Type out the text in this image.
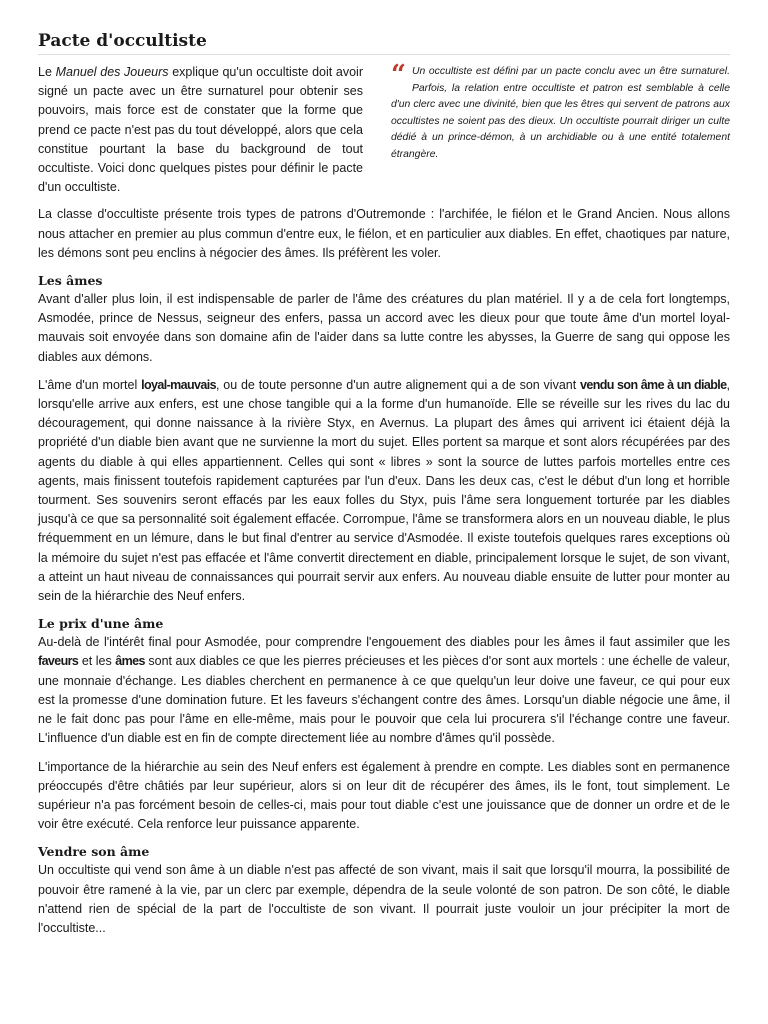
Pacte d'occultiste
Le Manuel des Joueurs explique qu'un occultiste doit avoir signé un pacte avec un être surnaturel pour obtenir ses pouvoirs, mais force est de constater que la forme que prend ce pacte n'est pas du tout développé, alors que cela constitue pourtant la base du background de tout occultiste. Voici donc quelques pistes pour définir le pacte d'un occultiste.
“ Un occultiste est défini par un pacte conclu avec un être surnaturel. Parfois, la relation entre occultiste et patron est semblable à celle d'un clerc avec une divinité, bien que les êtres qui servent de patrons aux occultistes ne soient pas des dieux. Un occultiste pourrait diriger un culte dédié à un prince-démon, à un archidiable ou à une entité totalement étrangère.

La classe d'occultiste présente trois types de patrons d'Outremonde : l'archifée, le fiélon et le Grand Ancien. Nous allons nous attacher en premier au plus commun d'entre eux, le fiélon, et en particulier aux diables. En effet, chaotiques par nature, les démons sont peu enclins à négocier des âmes. Ils préfèrent les voler.

Les âmes

Avant d'aller plus loin, il est indispensable de parler de l'âme des créatures du plan matériel. Il y a de cela fort longtemps, Asmodée, prince de Nessus, seigneur des enfers, passa un accord avec les dieux pour que toute âme d'un mortel loyal-mauvais soit envoyée dans son domaine afin de l'aider dans sa lutte contre les abysses, la Guerre de sang qui oppose les diables aux démons.

L'âme d'un mortel loyal-mauvais, ou de toute personne d'un autre alignement qui a de son vivant vendu son âme à un diable, lorsqu'elle arrive aux enfers, est une chose tangible qui a la forme d'un humanoïde. Elle se réveille sur les rives du lac du découragement, qui donne naissance à la rivière Styx, en Avernus. La plupart des âmes qui arrivent ici étaient déjà la propriété d'un diable bien avant que ne survienne la mort du sujet. Elles portent sa marque et sont alors récupérées par des agents du diable à qui elles appartiennent. Celles qui sont « libres » sont la source de luttes parfois mortelles entre ces agents, mais finissent toutefois rapidement capturées par l'un d'eux. Dans les deux cas, c'est le début d'un long et horrible tourment. Ses souvenirs seront effacés par les eaux folles du Styx, puis l'âme sera longuement torturée par les diables jusqu'à ce que sa personnalité soit également effacée. Corrompue, l'âme se transformera alors en un nouveau diable, le plus fréquemment en un lémure, dans le but final d'entrer au service d'Asmodée. Il existe toutefois quelques rares exceptions où la mémoire du sujet n'est pas effacée et l'âme convertit directement en diable, principalement lorsque le sujet, de son vivant, a atteint un haut niveau de connaissances qui pourrait servir aux enfers. Au nouveau diable ensuite de lutter pour monter au sein de la hiérarchie des Neuf enfers.

Le prix d'une âme

Au-delà de l'intérêt final pour Asmodée, pour comprendre l'engouement des diables pour les âmes il faut assimiler que les faveurs et les âmes sont aux diables ce que les pierres précieuses et les pièces d'or sont aux mortels : une échelle de valeur, une monnaie d'échange. Les diables cherchent en permanence à ce que quelqu'un leur doive une faveur, ce qui pour eux est la promesse d'une domination future. Et les faveurs s'échangent contre des âmes. Lorsqu'un diable négocie une âme, il ne le fait donc pas pour l'âme en elle-même, mais pour le pouvoir que cela lui procurera s'il l'échange contre une faveur. L'influence d'un diable est en fin de compte directement liée au nombre d'âmes qu'il possède.

L'importance de la hiérarchie au sein des Neuf enfers est également à prendre en compte. Les diables sont en permanence préoccupés d'être châtiés par leur supérieur, alors si on leur dit de récupérer des âmes, ils le font, tout simplement. Le supérieur n'a pas forcément besoin de celles-ci, mais pour tout diable c'est une jouissance que de donner un ordre et de le voir être exécuté. Cela renforce leur puissance apparente.

Vendre son âme

Un occultiste qui vend son âme à un diable n'est pas affecté de son vivant, mais il sait que lorsqu'il mourra, la possibilité de pouvoir être ramené à la vie, par un clerc par exemple, dépendra de la seule volonté de son patron. De son côté, le diable n'attend rien de spécial de la part de l'occultiste de son vivant. Il pourrait juste vouloir un jour précipiter la mort de l'occultiste...
